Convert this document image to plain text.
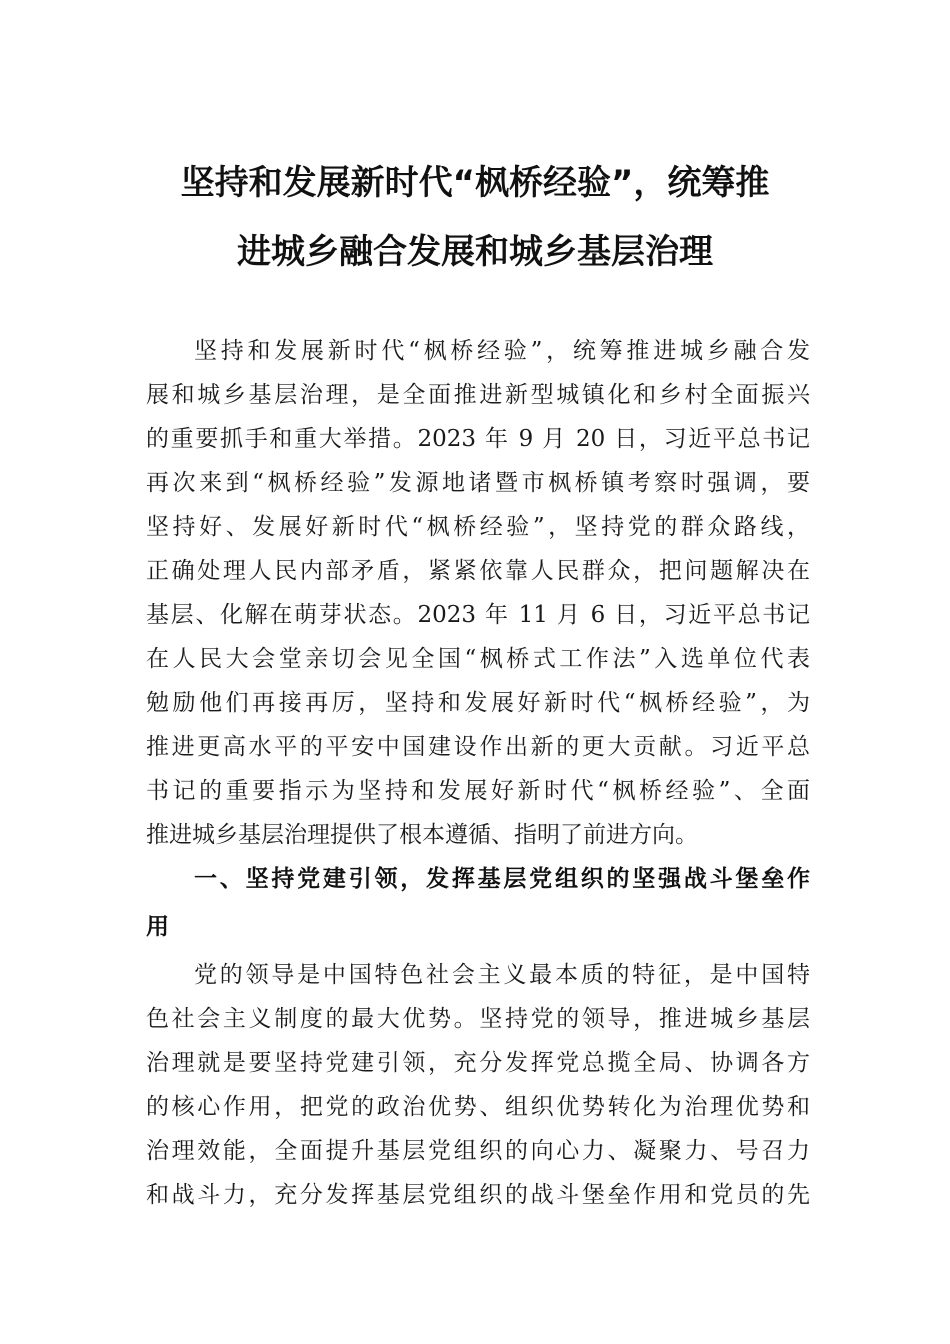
坚持和发展新时代“枫桥经验”，统筹推
进城乡融合发展和城乡基层治理
坚持和发展新时代“枫桥经验”，统筹推进城乡融合发
展和城乡基层治理，是全面推进新型城镇化和乡村全面振兴
的重要抓手和重大举措。2023 年 9 月 20 日，习近平总书记
再次来到“枫桥经验”发源地诸暨市枫桥镇考察时强调，要
坚持好、发展好新时代“枫桥经验”，坚持党的群众路线，
正确处理人民内部矛盾，紧紧依靠人民群众，把问题解决在
基层、化解在萌芽状态。2023 年 11 月 6 日，习近平总书记
在人民大会堂亲切会见全国“枫桥式工作法”入选单位代表
勉励他们再接再厉，坚持和发展好新时代“枫桥经验”，为
推进更高水平的平安中国建设作出新的更大贡献。习近平总
书记的重要指示为坚持和发展好新时代“枫桥经验”、全面
推进城乡基层治理提供了根本遵循、指明了前进方向。
一、坚持党建引领，发挥基层党组织的坚强战斗堡垒作
用
党的领导是中国特色社会主义最本质的特征，是中国特
色社会主义制度的最大优势。坚持党的领导，推进城乡基层
治理就是要坚持党建引领，充分发挥党总揽全局、协调各方
的核心作用，把党的政治优势、组织优势转化为治理优势和
治理效能，全面提升基层党组织的向心力、凝聚力、号召力
和战斗力，充分发挥基层党组织的战斗堡垒作用和党员的先
